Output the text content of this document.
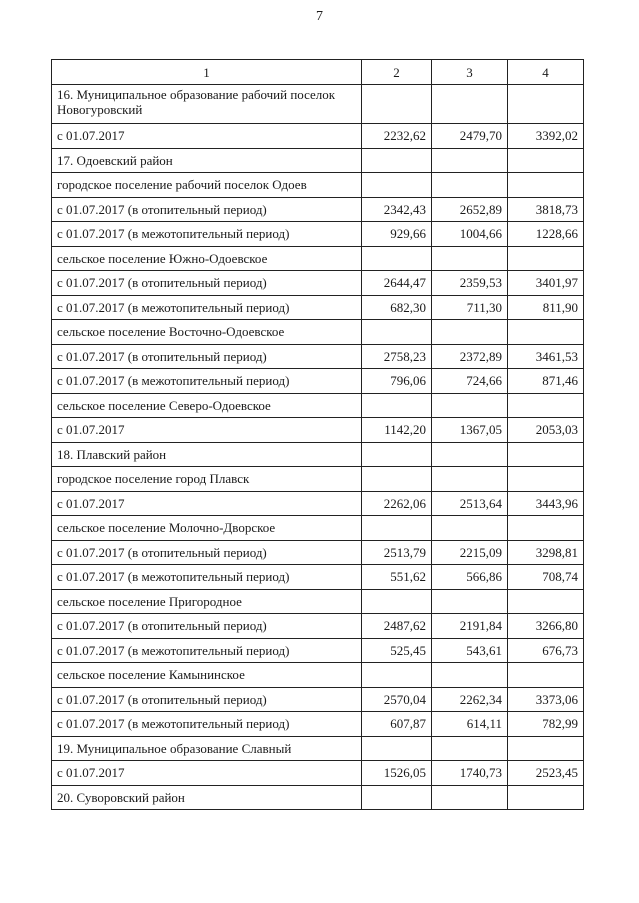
7
1	2	3	4
16. Муниципальное образование рабочий поселок Новогуровский			
с 01.07.2017	2232,62	2479,70	3392,02
17. Одоевский район			
городское поселение рабочий поселок Одоев			
с 01.07.2017 (в отопительный период)	2342,43	2652,89	3818,73
с 01.07.2017 (в межотопительный период)	929,66	1004,66	1228,66
сельское поселение Южно-Одоевское			
с 01.07.2017 (в отопительный период)	2644,47	2359,53	3401,97
с 01.07.2017 (в межотопительный период)	682,30	711,30	811,90
сельское поселение Восточно-Одоевское			
с 01.07.2017 (в отопительный период)	2758,23	2372,89	3461,53
с 01.07.2017 (в межотопительный период)	796,06	724,66	871,46
сельское поселение Северо-Одоевское			
с 01.07.2017	1142,20	1367,05	2053,03
18. Плавский район			
городское поселение город Плавск			
с 01.07.2017	2262,06	2513,64	3443,96
сельское поселение Молочно-Дворское			
с 01.07.2017 (в отопительный период)	2513,79	2215,09	3298,81
с 01.07.2017 (в межотопительный период)	551,62	566,86	708,74
сельское поселение Пригородное			
с 01.07.2017 (в отопительный период)	2487,62	2191,84	3266,80
с 01.07.2017 (в межотопительный период)	525,45	543,61	676,73
сельское поселение Камынинское			
с 01.07.2017 (в отопительный период)	2570,04	2262,34	3373,06
с 01.07.2017 (в межотопительный период)	607,87	614,11	782,99
19. Муниципальное образование Славный			
с 01.07.2017	1526,05	1740,73	2523,45
20. Суворовский район			
